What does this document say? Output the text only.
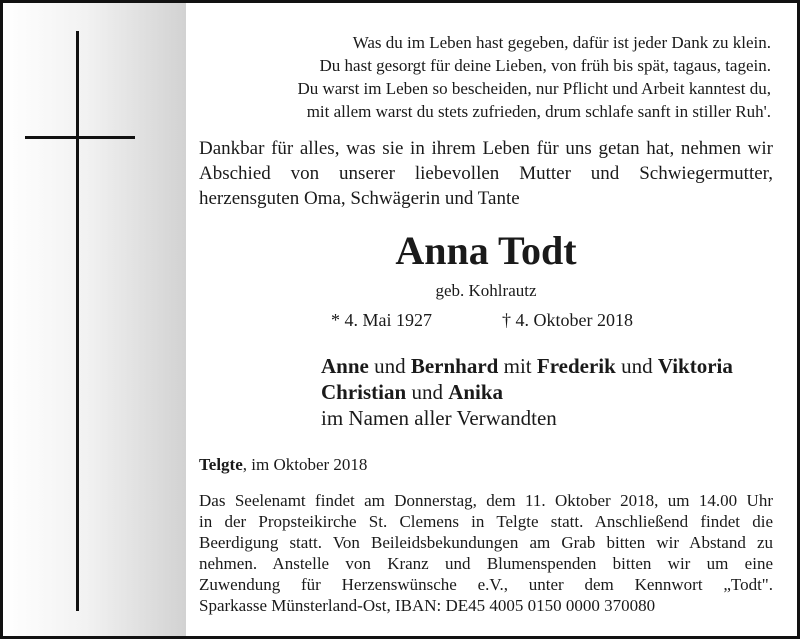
Was du im Leben hast gegeben, dafür ist jeder Dank zu klein.
Du hast gesorgt für deine Lieben, von früh bis spät, tagaus, tagein.
Du warst im Leben so bescheiden, nur Pflicht und Arbeit kanntest du,
mit allem warst du stets zufrieden, drum schlafe sanft in stiller Ruh'.
Dankbar für alles, was sie in ihrem Leben für uns getan hat, nehmen wir Abschied von unserer liebevollen Mutter und Schwiegermutter, herzensguten Oma, Schwägerin und Tante
Anna Todt
geb. Kohlrautz
* 4. Mai 1927	† 4. Oktober 2018
Anne und Bernhard mit Frederik und Viktoria
Christian und Anika
im Namen aller Verwandten
Telgte, im Oktober 2018
Das Seelenamt findet am Donnerstag, dem 11. Oktober 2018, um 14.00 Uhr
in der Propsteikirche St. Clemens in Telgte statt. Anschließend findet die
Beerdigung statt. Von Beileidsbekundungen am Grab bitten wir Abstand zu
nehmen. Anstelle von Kranz und Blumenspenden bitten wir um eine
Zuwendung für Herzenswünsche e.V., unter dem Kennwort „Todt".
Sparkasse Münsterland-Ost, IBAN: DE45 4005 0150 0000 370080
